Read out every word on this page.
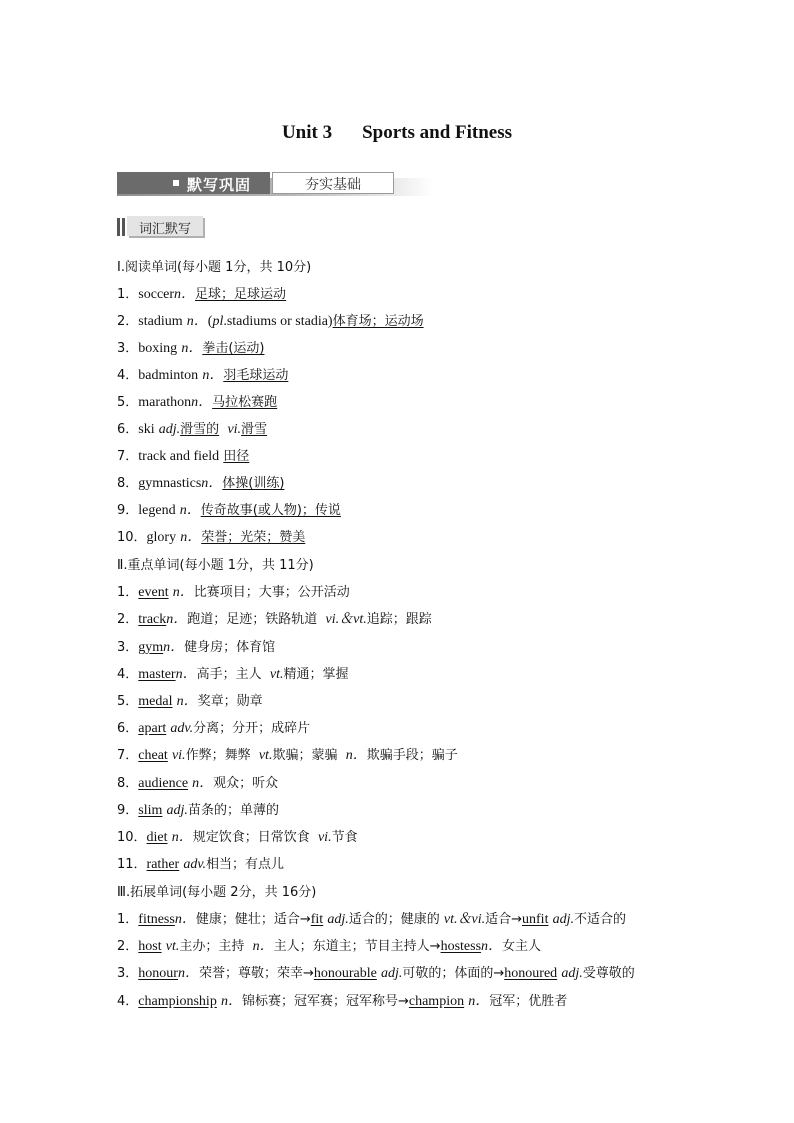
Unit 3 Sports and Fitness
默写巩固	夯实基础
词汇默写
Ⅰ.阅读单词(每小题 1分，共 10分)
1．soccern．足球；足球运动
2．stadium n．(pl.stadiums or stadia)体育场；运动场
3．boxing n．拳击(运动)
4．badminton n．羽毛球运动
5．marathonn．马拉松赛跑
6．ski adj.滑雪的 vi.滑雪
7．track and field 田径
8．gymnasticsn．体操(训练)
9．legend n．传奇故事(或人物)；传说
10．glory n．荣誉；光荣；赞美
Ⅱ.重点单词(每小题 1分，共 11分)
1．event n．比赛项目；大事；公开活动
2．trackn．跑道；足迹；铁路轨道 vi.＆vt.追踪；跟踪
3．gymn．健身房；体育馆
4．mastern．高手；主人 vt.精通；掌握
5．medal n．奖章；勋章
6．apart adv.分离；分开；成碎片
7．cheat vi.作弊；舞弊 vt.欺骗；蒙骗 n．欺骗手段；骗子
8．audience n．观众；听众
9．slim adj.苗条的；单薄的
10．diet n．规定饮食；日常饮食 vi.节食
11．rather adv.相当；有点儿
Ⅲ.拓展单词(每小题 2分，共 16分)
1．fitnessn．健康；健壮；适合→fit adj.适合的；健康的 vt.＆vi.适合→unfit adj.不适合的
2．host vt.主办；主持 n．主人；东道主；节目主持人→hostessn．女主人
3．honourn．荣誉；尊敬；荣幸→honourable adj.可敬的；体面的→honoured adj.受尊敬的
4．championship n．锦标赛；冠军赛；冠军称号→champion n．冠军；优胜者
